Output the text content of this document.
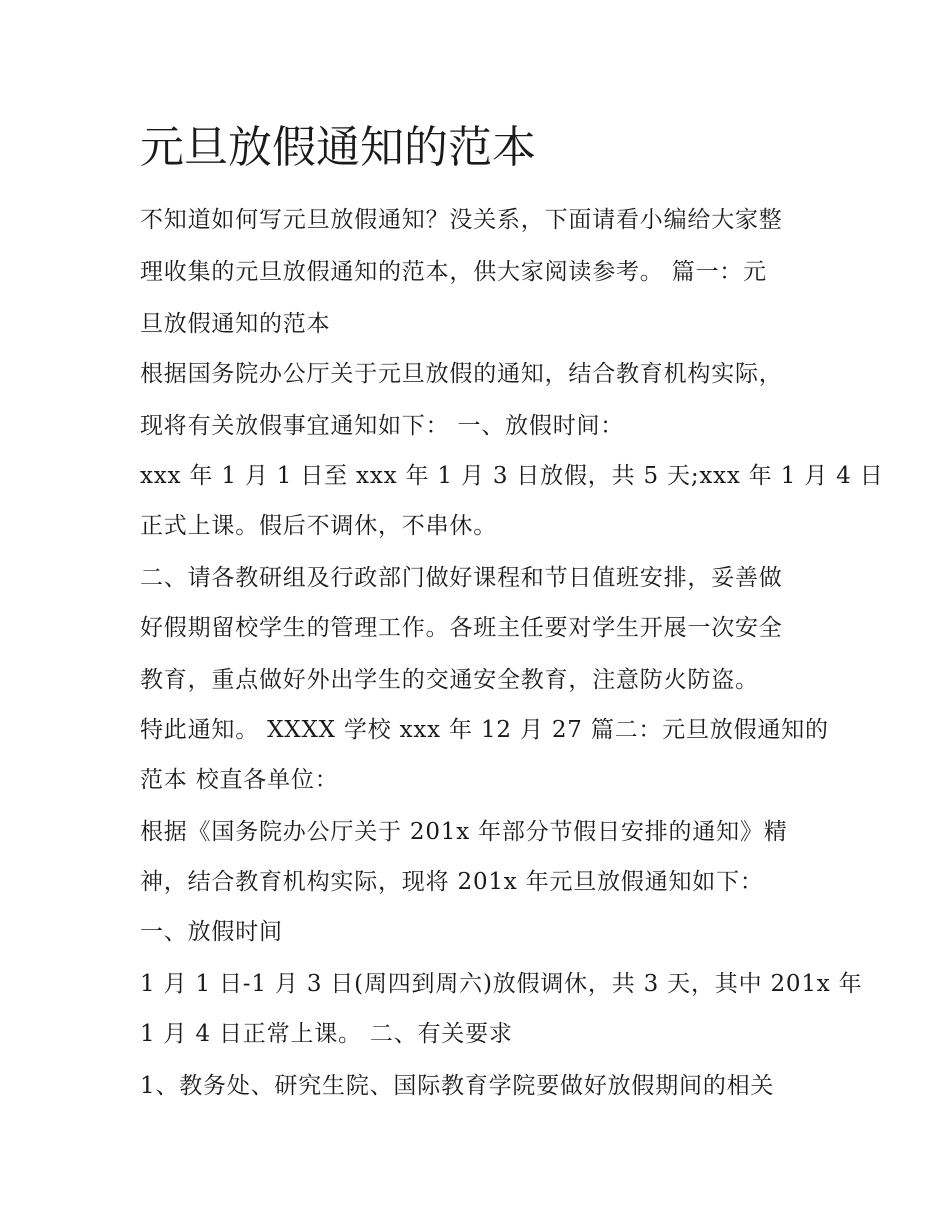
元旦放假通知的范本

不知道如何写元旦放假通知？没关系，下面请看小编给大家整

理收集的元旦放假通知的范本，供大家阅读参考。 篇一：元

旦放假通知的范本

根据国务院办公厅关于元旦放假的通知，结合教育机构实际，

现将有关放假事宜通知如下： 一、放假时间：

xxx 年 1 月 1 日至 xxx 年 1 月 3 日放假，共 5 天;xxx 年 1 月 4 日

正式上课。假后不调休，不串休。

二、请各教研组及行政部门做好课程和节日值班安排，妥善做

好假期留校学生的管理工作。各班主任要对学生开展一次安全

教育，重点做好外出学生的交通安全教育，注意防火防盗。

特此通知。 XXXX 学校 xxx 年 12 月 27 篇二：元旦放假通知的

范本 校直各单位：

根据《国务院办公厅关于 201x 年部分节假日安排的通知》精

神，结合教育机构实际，现将 201x 年元旦放假通知如下：

一、放假时间

1 月 1 日-1 月 3 日(周四到周六)放假调休，共 3 天，其中 201x 年

1 月 4 日正常上课。 二、有关要求

1、教务处、研究生院、国际教育学院要做好放假期间的相关
